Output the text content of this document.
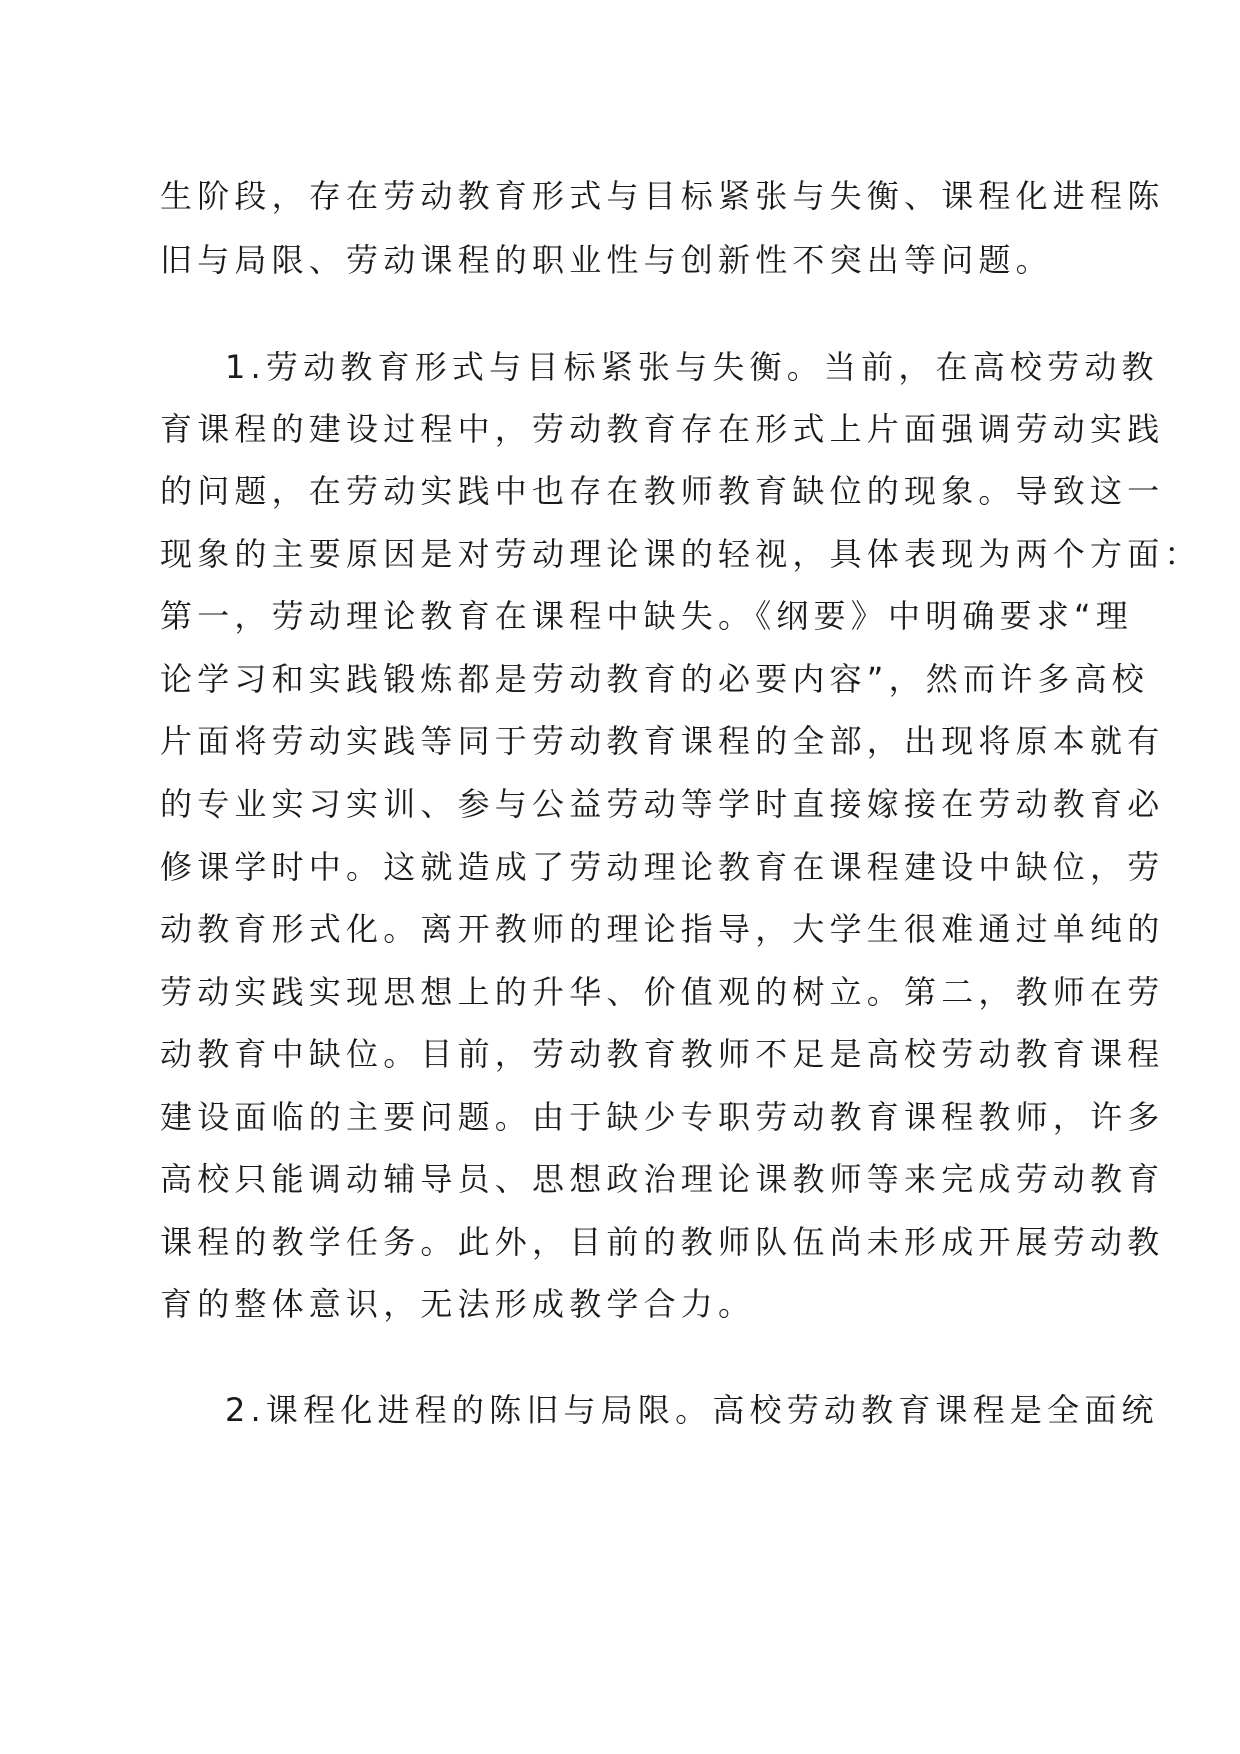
生阶段，存在劳动教育形式与目标紧张与失衡、课程化进程陈
旧与局限、劳动课程的职业性与创新性不突出等问题。
1.劳动教育形式与目标紧张与失衡。当前，在高校劳动教
育课程的建设过程中，劳动教育存在形式上片面强调劳动实践
的问题，在劳动实践中也存在教师教育缺位的现象。导致这一
现象的主要原因是对劳动理论课的轻视，具体表现为两个方面：
第一，劳动理论教育在课程中缺失。《纲要》中明确要求“理
论学习和实践锻炼都是劳动教育的必要内容”，然而许多高校
片面将劳动实践等同于劳动教育课程的全部，出现将原本就有
的专业实习实训、参与公益劳动等学时直接嫁接在劳动教育必
修课学时中。这就造成了劳动理论教育在课程建设中缺位，劳
动教育形式化。离开教师的理论指导，大学生很难通过单纯的
劳动实践实现思想上的升华、价值观的树立。第二，教师在劳
动教育中缺位。目前，劳动教育教师不足是高校劳动教育课程
建设面临的主要问题。由于缺少专职劳动教育课程教师，许多
高校只能调动辅导员、思想政治理论课教师等来完成劳动教育
课程的教学任务。此外，目前的教师队伍尚未形成开展劳动教
育的整体意识，无法形成教学合力。
2.课程化进程的陈旧与局限。高校劳动教育课程是全面统
